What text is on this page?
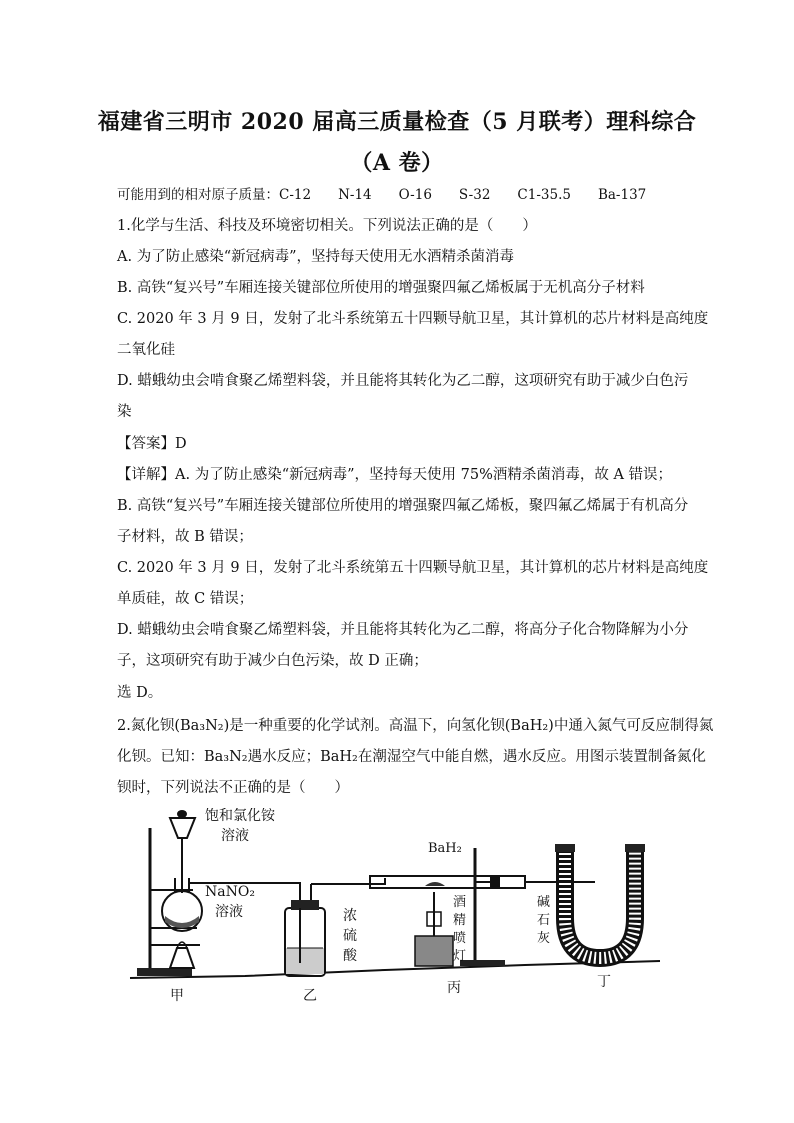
福建省三明市 2020 届高三质量检查（5 月联考）理科综合
（A 卷）
可能用到的相对原子质量：C-12　　N-14　　O-16　　S-32　　C1-35.5　　Ba-137
1.化学与生活、科技及环境密切相关。下列说法正确的是（　　）
A. 为了防止感染“新冠病毒”，坚持每天使用无水酒精杀菌消毒
B. 高铁“复兴号”车厢连接关键部位所使用的增强聚四氟乙烯板属于无机高分子材料
C. 2020 年 3 月 9 日，发射了北斗系统第五十四颗导航卫星，其计算机的芯片材料是高纯度
二氧化硅
D. 蜡蛾幼虫会啃食聚乙烯塑料袋，并且能将其转化为乙二醇，这项研究有助于减少白色污
染
【答案】D
【详解】A. 为了防止感染“新冠病毒”，坚持每天使用 75%酒精杀菌消毒，故 A 错误；
B. 高铁“复兴号”车厢连接关键部位所使用的增强聚四氟乙烯板，聚四氟乙烯属于有机高分
子材料，故 B 错误；
C. 2020 年 3 月 9 日，发射了北斗系统第五十四颗导航卫星，其计算机的芯片材料是高纯度
单质硅，故 C 错误；
D. 蜡蛾幼虫会啃食聚乙烯塑料袋，并且能将其转化为乙二醇，将高分子化合物降解为小分
子，这项研究有助于减少白色污染，故 D 正确；
选 D。
2.氮化钡(Ba₃N₂)是一种重要的化学试剂。高温下，向氢化钡(BaH₂)中通入氮气可反应制得氮
化钡。已知：Ba₃N₂遇水反应；BaH₂在潮湿空气中能自燃，遇水反应。用图示装置制备氮化
钡时，下列说法不正确的是（　　）
饱和氯化铵
溶液
NaNO₂
溶液
甲
浓
硫
酸
乙
BaH₂
酒
精
喷
灯
丙
碱
石
灰
丁
